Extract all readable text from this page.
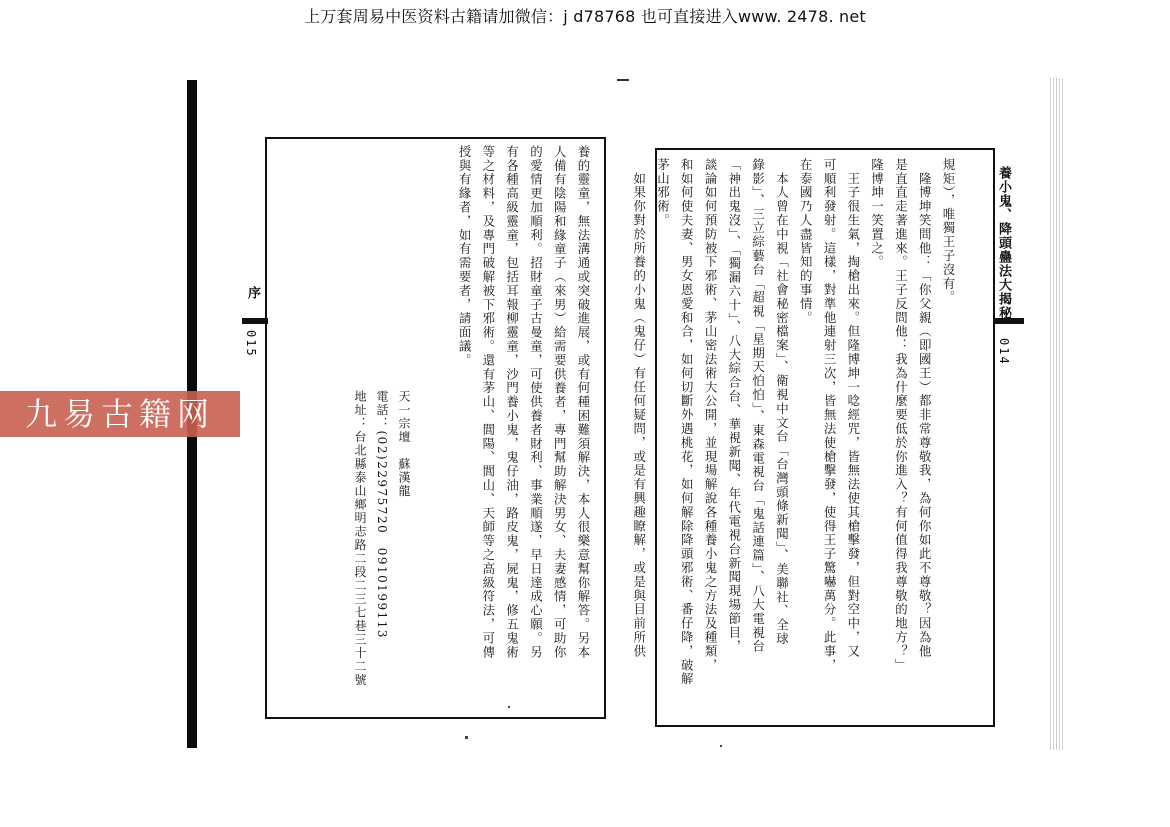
上万套周易中医资料古籍请加微信：j d78768 也可直接进入www. 2478. net
養小鬼、降頭蠱法大揭秘
014

規矩），唯獨王子沒有。

　隆博坤笑問他：「你父親（即國王）都非常尊敬我，為何你如此不尊敬？因為他

是直直走著進來。王子反問他：我為什麼要低於你進入？有何值得我尊敬的地方？」

隆博坤一笑置之。

　王子很生氣，掏槍出來。但隆博坤一唸經咒，皆無法使其槍擊發，但對空中，又

可順利發射。這樣，對準他連射三次，皆無法使槍擊發，使得王子驚嚇萬分。此事，

在泰國乃人盡皆知的事情。

　本人曾在中視「社會秘密檔案」、衛視中文台「台灣頭條新聞」、美聯社、全球

錄影」、三立綜藝台「超視「星期天怕怕」、東森電視台「鬼話連篇」、八大電視台

「神出鬼沒」、「獨漏六十」、八大綜合台、華視新聞、年代電視台新聞現場節目，

談論如何預防被下邪術、茅山密法術大公開，並現場解說各種養小鬼之方法及種類，

和如何使夫妻、男女恩愛和合，如何切斷外遇桃花，如何解除降頭邪術、番仔降，破解

茅山邪術。

　如果你對於所養的小鬼（鬼仔）有任何疑問，或是有興趣瞭解，或是與目前所供

序
015	養的靈童，無法溝通或突破進展，或有何種困難須解決，本人很樂意幫你解答。另本

人備有陰陽和緣童子（來男）給需要供養者，專門幫助解決男女、夫妻感情，可助你

的愛情更加順利。招財童子古曼童，可使供養者財利、事業順遂，早日達成心願。另

有各種高級靈童，包括耳報柳靈童，沙門養小鬼，鬼仔油，路皮鬼，屍鬼，修五鬼術

等之材料，及專門破解被下邪術。還有茅山、閭陽、閭山、天師等之高級符法，可傳

授與有緣者，如有需要者，請面議。

天一宗壇　蘇漢龍
電話：(02)22975720　0910199113
地址：台北縣泰山鄉明志路二段二三七巷三十二號
九易古籍网
